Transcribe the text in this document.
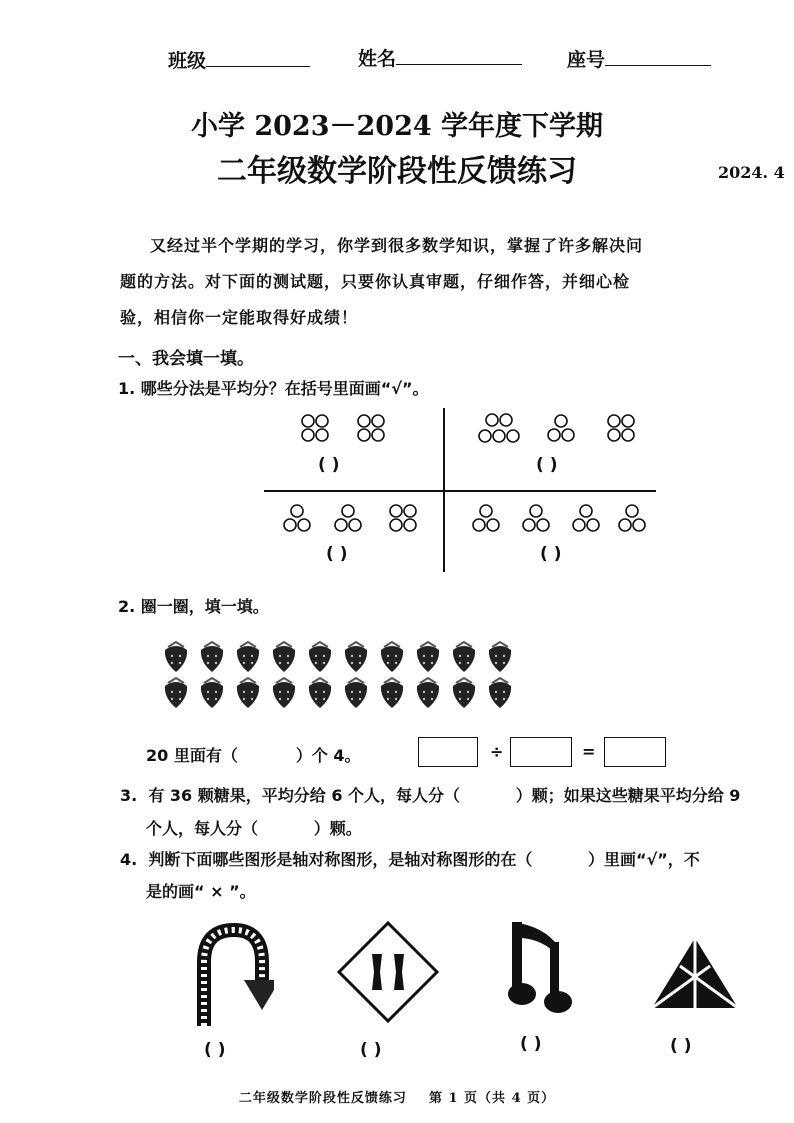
班级	姓名	座号
小学 2023－2024 学年度下学期
二年级数学阶段性反馈练习	2024. 4
又经过半个学期的学习，你学到很多数学知识，掌握了许多解决问
题的方法。对下面的测试题，只要你认真审题，仔细作答，并细心检
验，相信你一定能取得好成绩！
一、我会填一填。
1. 哪些分法是平均分？在括号里面画“√”。
( )	( )
( )	( )
2. 圈一圈，填一填。
20 里面有（	）个 4。	÷	=
3.  有 36 颗糖果，平均分给 6 个人，每人分（          ）颗；如果这些糖果平均分给 9
个人，每人分（          ）颗。
4.  判断下面哪些图形是轴对称图形，是轴对称图形的在（          ）里画“√”，不
是的画“ × ”。
( )	( )	( )	( )
二年级数学阶段性反馈练习    第 1 页（共 4 页）
